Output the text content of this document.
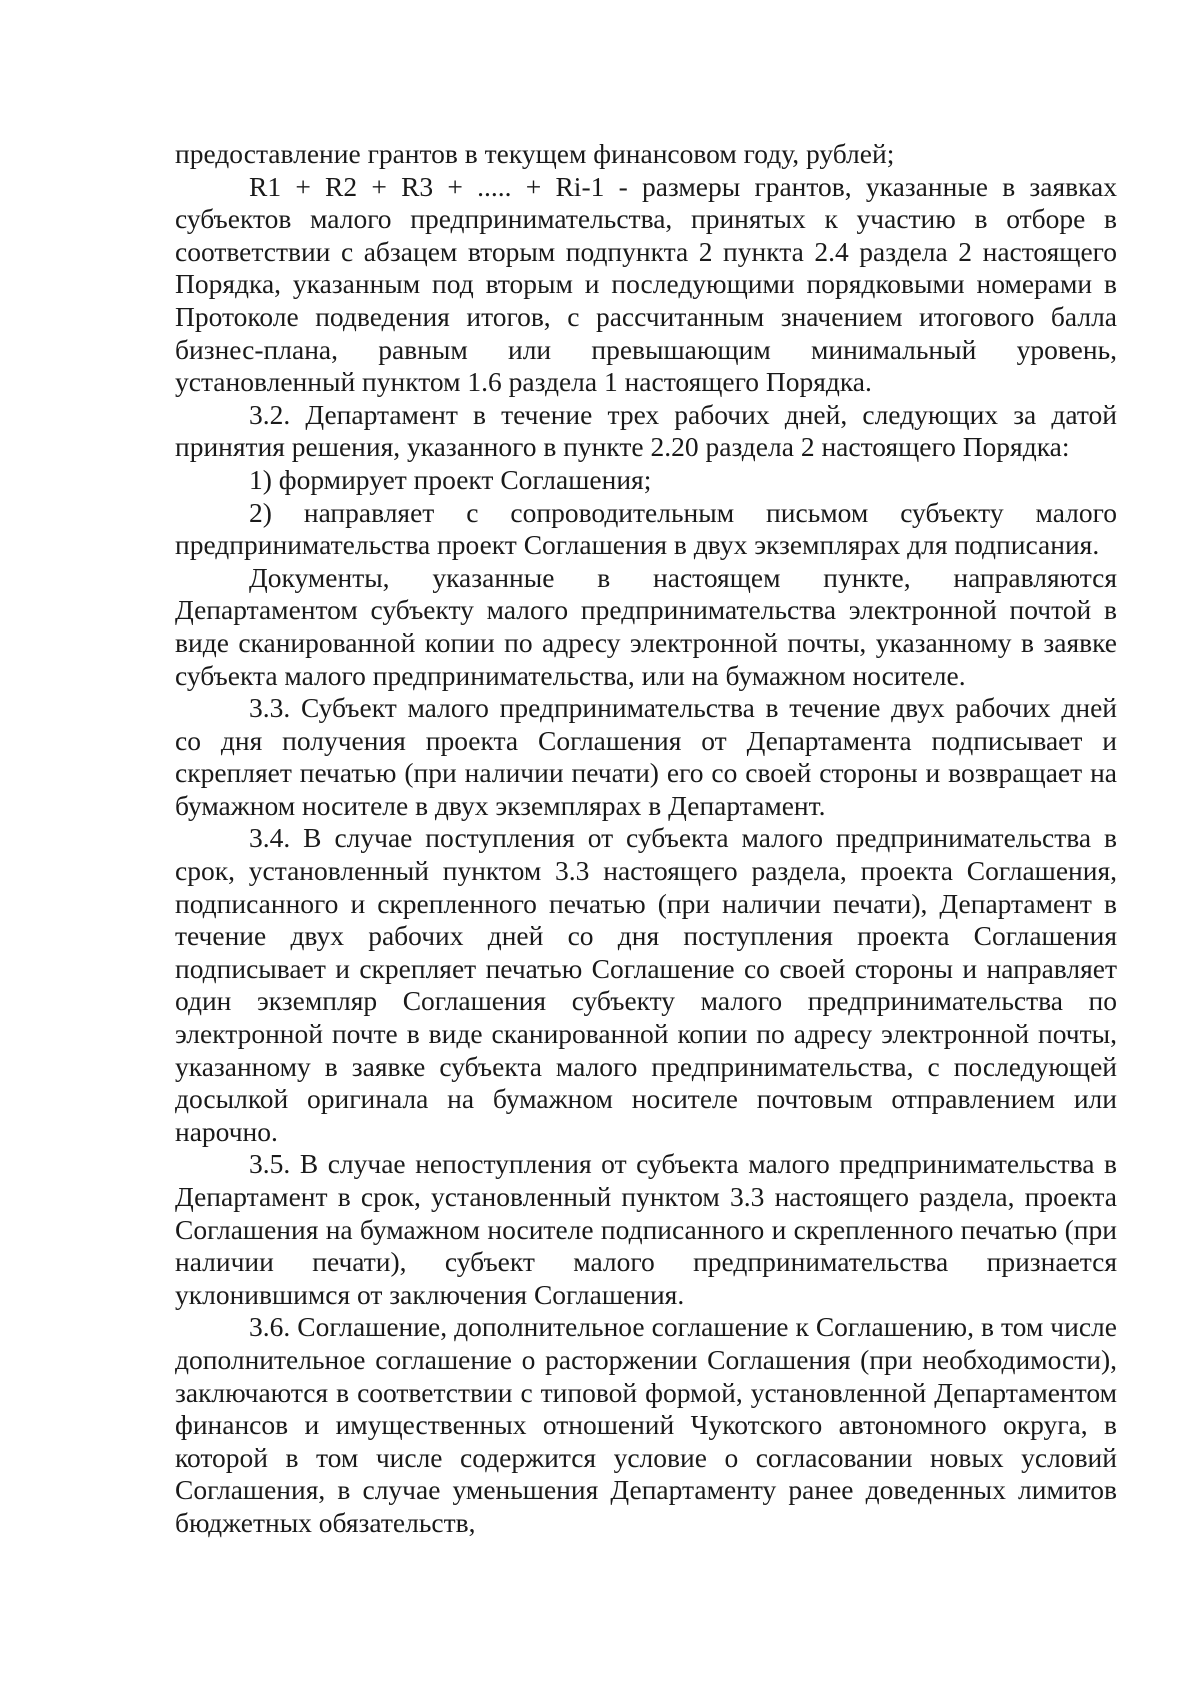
предоставление грантов в текущем финансовом году, рублей;

R1 + R2 + R3 + ..... + Ri-1 - размеры грантов, указанные в заявках субъектов малого предпринимательства, принятых к участию в отборе в соответствии с абзацем вторым подпункта 2 пункта 2.4 раздела 2 настоящего Порядка, указанным под вторым и последующими порядковыми номерами в Протоколе подведения итогов, с рассчитанным значением итогового балла бизнес-плана, равным или превышающим минимальный уровень, установленный пунктом 1.6 раздела 1 настоящего Порядка.

3.2. Департамент в течение трех рабочих дней, следующих за датой принятия решения, указанного в пункте 2.20 раздела 2 настоящего Порядка:

1) формирует проект Соглашения;

2) направляет с сопроводительным письмом субъекту малого предпринимательства проект Соглашения в двух экземплярах для подписания.

Документы, указанные в настоящем пункте, направляются Департаментом субъекту малого предпринимательства электронной почтой в виде сканированной копии по адресу электронной почты, указанному в заявке субъекта малого предпринимательства, или на бумажном носителе.

3.3. Субъект малого предпринимательства в течение двух рабочих дней со дня получения проекта Соглашения от Департамента подписывает и скрепляет печатью (при наличии печати) его со своей стороны и возвращает на бумажном носителе в двух экземплярах в Департамент.

3.4. В случае поступления от субъекта малого предпринимательства в срок, установленный пунктом 3.3 настоящего раздела, проекта Соглашения, подписанного и скрепленного печатью (при наличии печати), Департамент в течение двух рабочих дней со дня поступления проекта Соглашения подписывает и скрепляет печатью Соглашение со своей стороны и направляет один экземпляр Соглашения субъекту малого предпринимательства по электронной почте в виде сканированной копии по адресу электронной почты, указанному в заявке субъекта малого предпринимательства, с последующей досылкой оригинала на бумажном носителе почтовым отправлением или нарочно.

3.5. В случае непоступления от субъекта малого предпринимательства в Департамент в срок, установленный пунктом 3.3 настоящего раздела, проекта Соглашения на бумажном носителе подписанного и скрепленного печатью (при наличии печати), субъект малого предпринимательства признается уклонившимся от заключения Соглашения.

3.6. Соглашение, дополнительное соглашение к Соглашению, в том числе дополнительное соглашение о расторжении Соглашения (при необходимости), заключаются в соответствии с типовой формой, установленной Департаментом финансов и имущественных отношений Чукотского автономного округа, в которой в том числе содержится условие о согласовании новых условий Соглашения, в случае уменьшения Департаменту ранее доведенных лимитов бюджетных обязательств,
